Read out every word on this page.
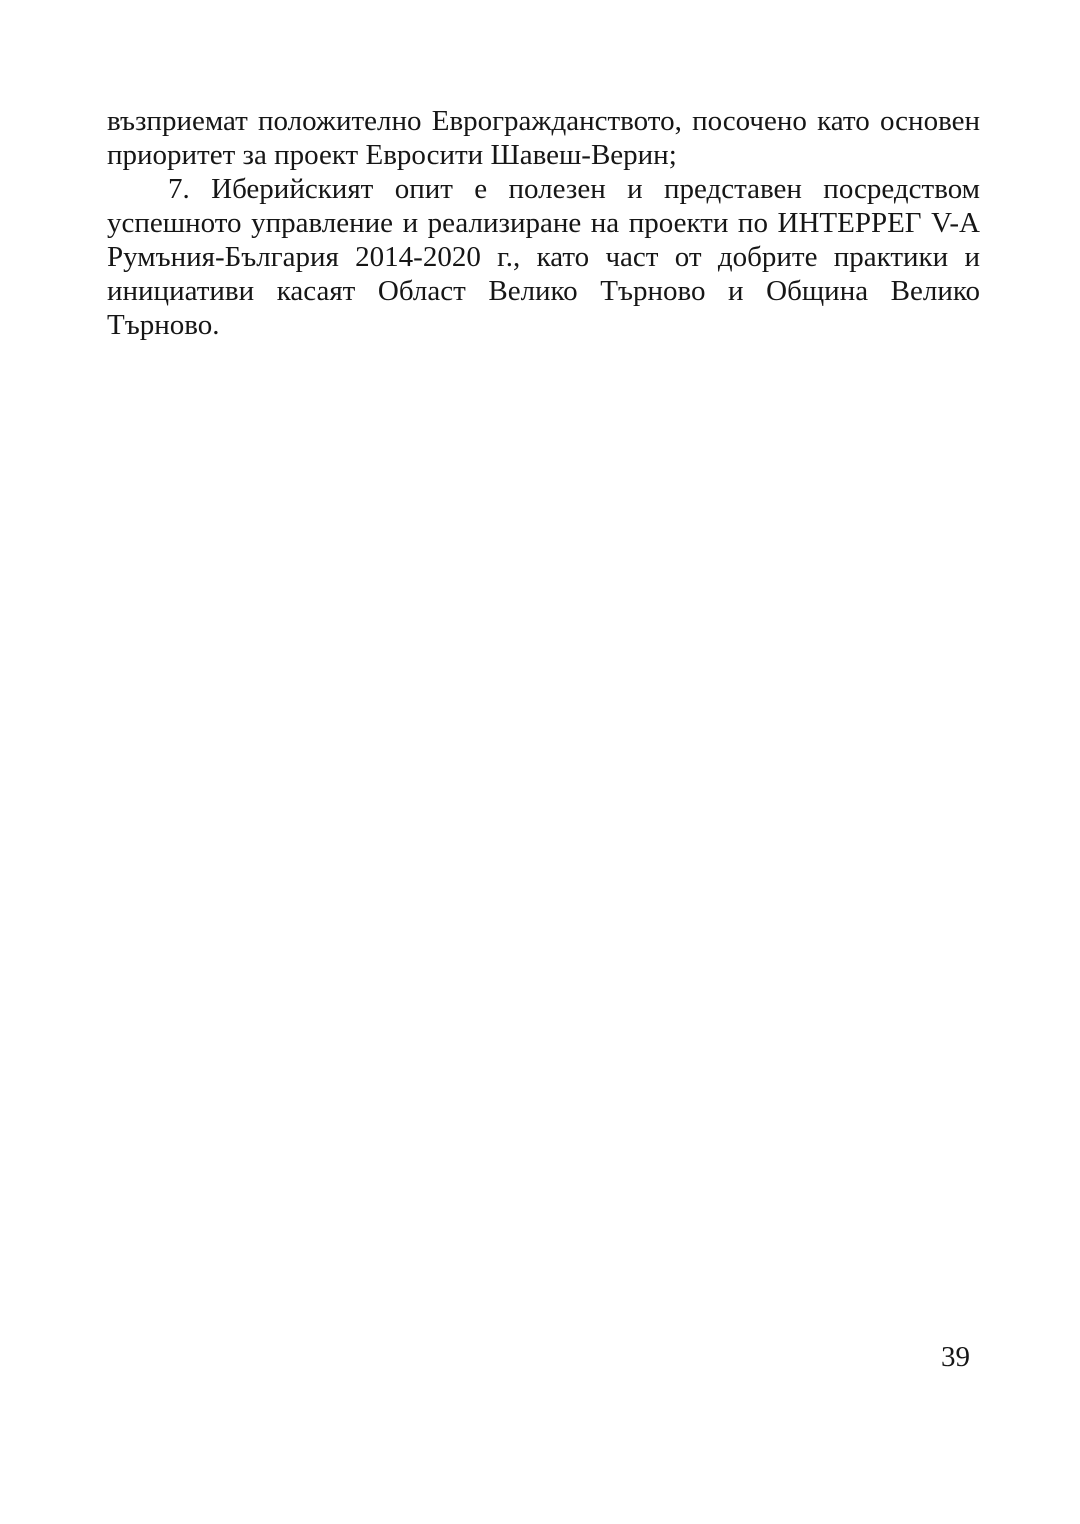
възприемат положително Еврогражданството, посочено като основен
приоритет за проект Евросити Шавеш-Верин;

7. Иберийският опит е полезен и представен посредством
успешното управление и реализиране на проекти по ИНТЕРРЕГ V-A
Румъния-България 2014-2020 г., като част от добрите практики и
инициативи касаят Област Велико Търново и Община Велико
Търново.

39
